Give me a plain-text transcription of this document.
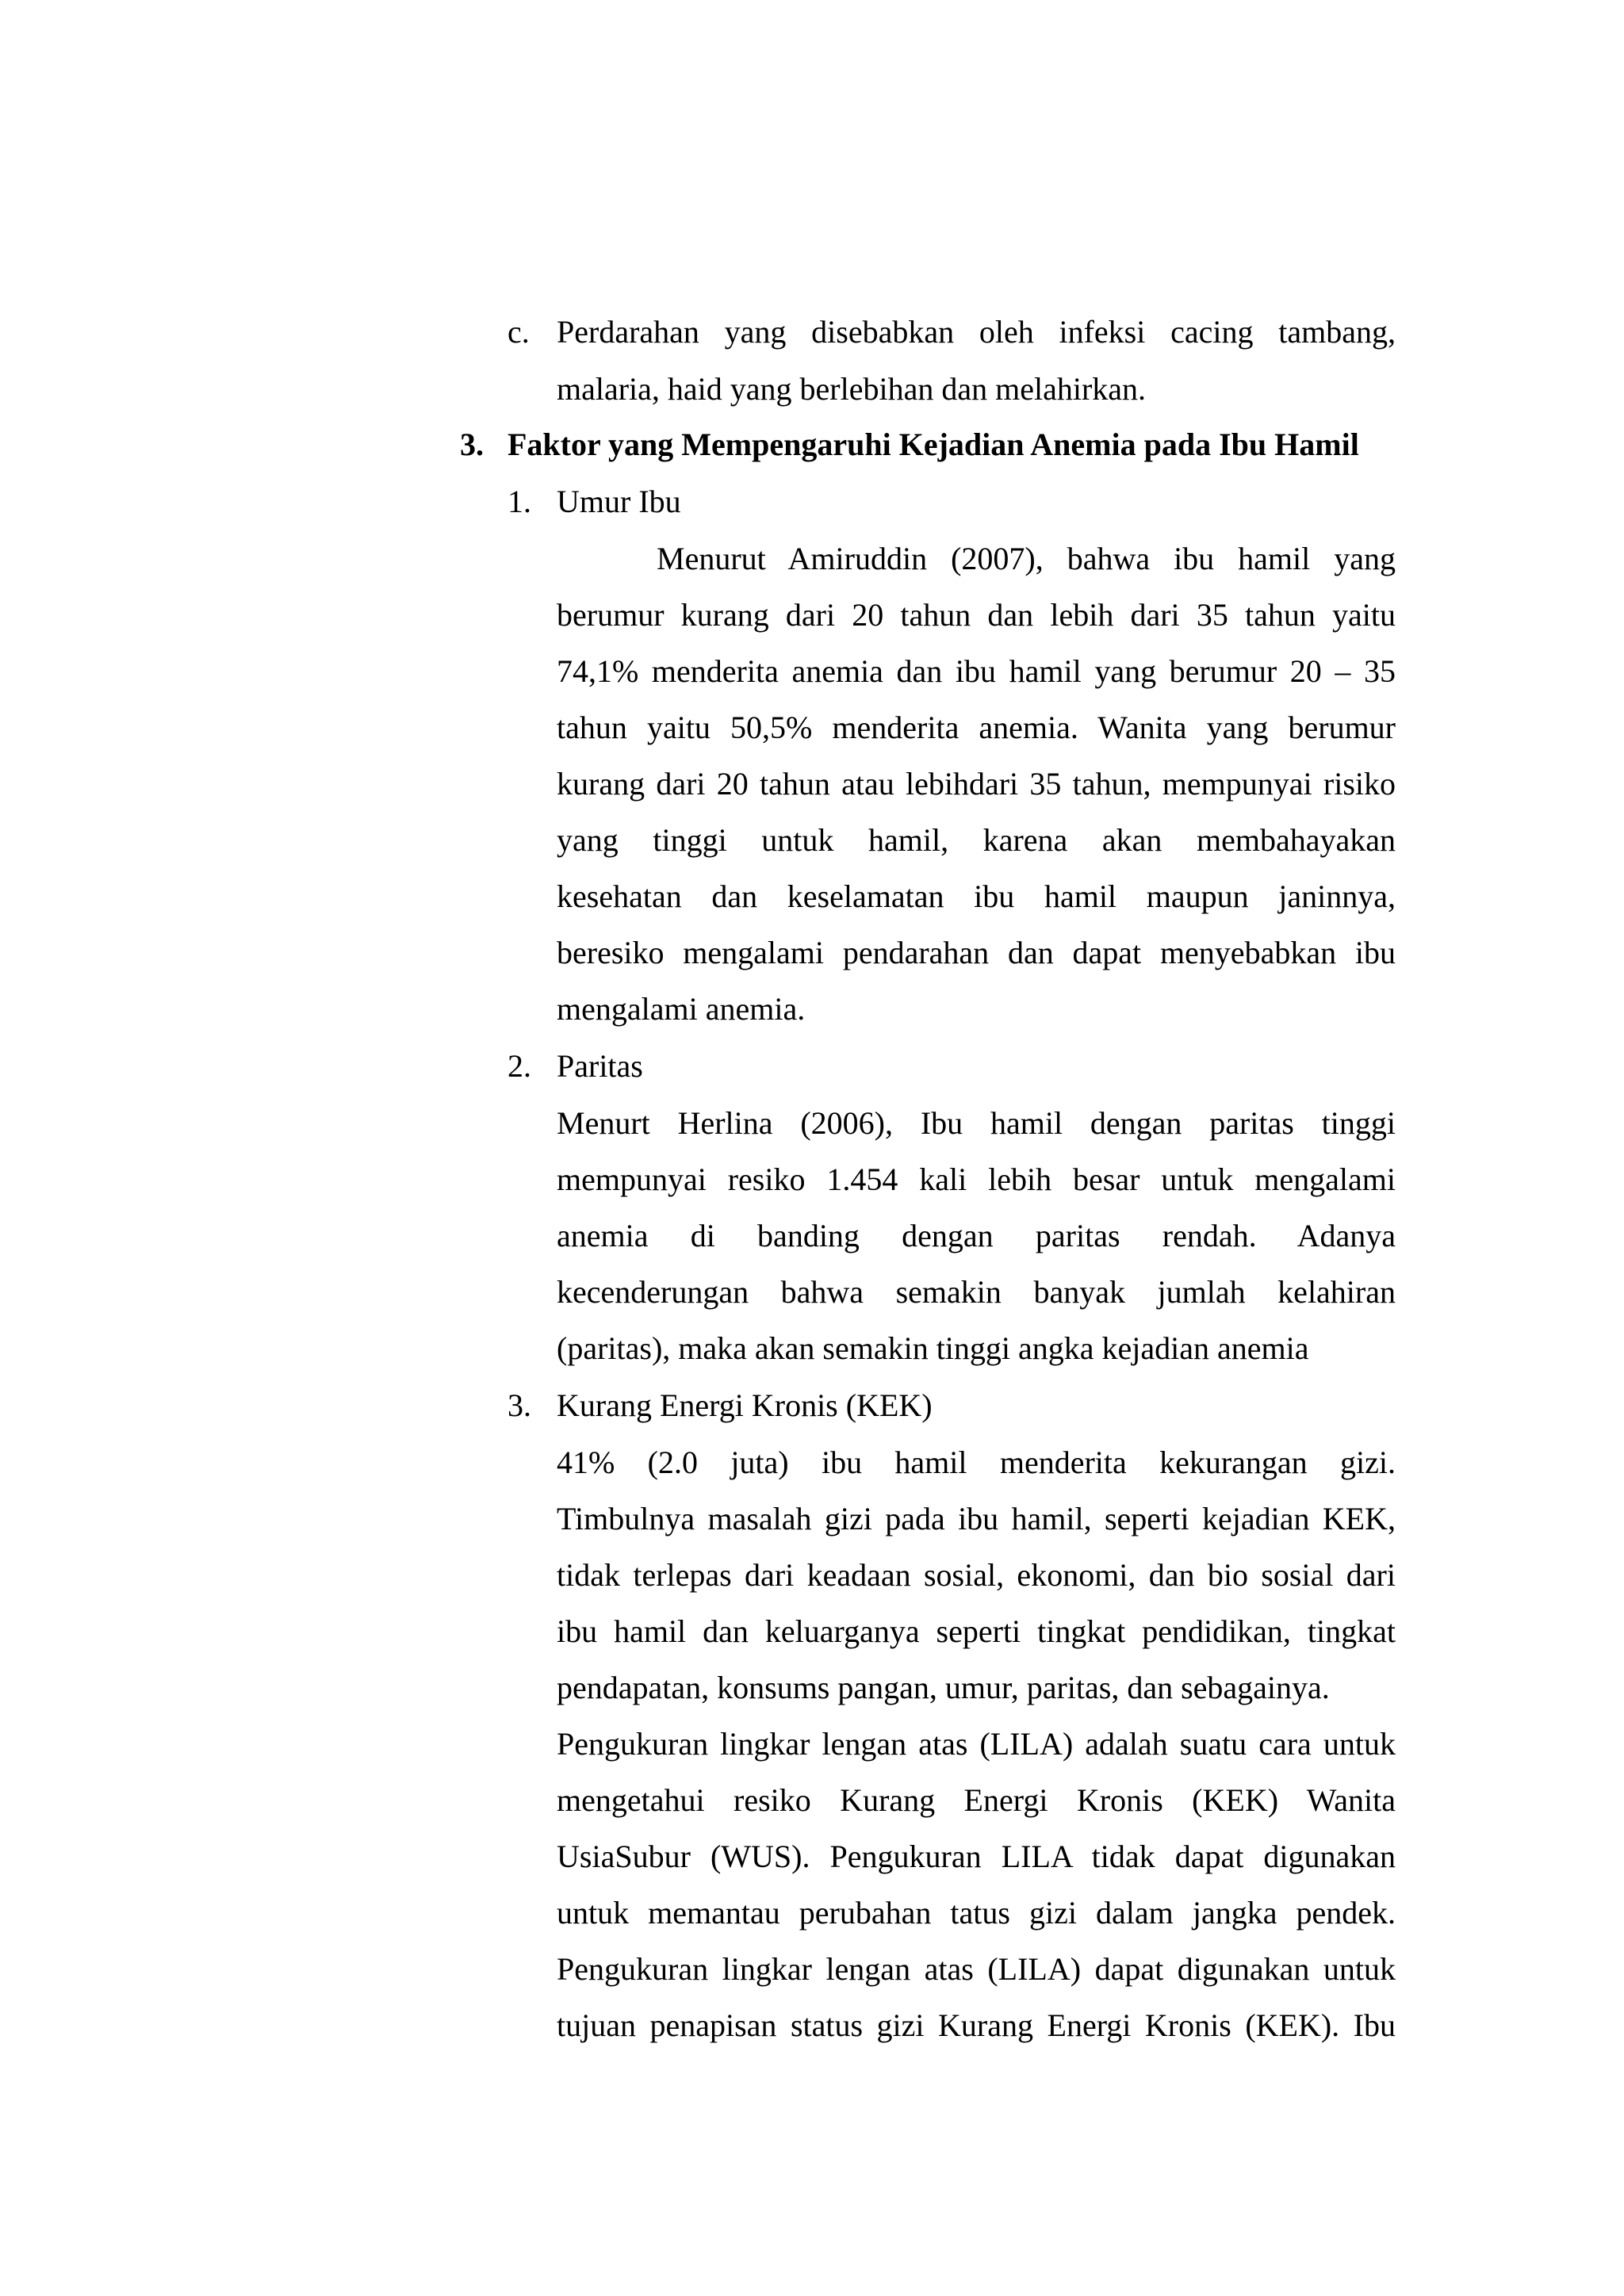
c. Perdarahan yang disebabkan oleh infeksi cacing tambang,
malaria, haid yang berlebihan dan melahirkan.
3. Faktor yang Mempengaruhi Kejadian Anemia pada Ibu Hamil
1. Umur Ibu
Menurut Amiruddin (2007), bahwa ibu hamil yang
berumur kurang dari 20 tahun dan lebih dari 35 tahun yaitu
74,1% menderita anemia dan ibu hamil yang berumur 20 – 35
tahun yaitu 50,5% menderita anemia. Wanita yang berumur
kurang dari 20 tahun atau lebihdari 35 tahun, mempunyai risiko
yang tinggi untuk hamil, karena akan membahayakan
kesehatan dan keselamatan ibu hamil maupun janinnya,
beresiko mengalami pendarahan dan dapat menyebabkan ibu
mengalami anemia.
2. Paritas
Menurt Herlina (2006), Ibu hamil dengan paritas tinggi
mempunyai resiko 1.454 kali lebih besar untuk mengalami
anemia di banding dengan paritas rendah. Adanya
kecenderungan bahwa semakin banyak jumlah kelahiran
(paritas), maka akan semakin tinggi angka kejadian anemia
3. Kurang Energi Kronis (KEK)
41% (2.0 juta) ibu hamil menderita kekurangan gizi.
Timbulnya masalah gizi pada ibu hamil, seperti kejadian KEK,
tidak terlepas dari keadaan sosial, ekonomi, dan bio sosial dari
ibu hamil dan keluarganya seperti tingkat pendidikan, tingkat
pendapatan, konsums pangan, umur, paritas, dan sebagainya.
Pengukuran lingkar lengan atas (LILA) adalah suatu cara untuk
mengetahui resiko Kurang Energi Kronis (KEK) Wanita
UsiaSubur (WUS). Pengukuran LILA tidak dapat digunakan
untuk memantau perubahan tatus gizi dalam jangka pendek.
Pengukuran lingkar lengan atas (LILA) dapat digunakan untuk
tujuan penapisan status gizi Kurang Energi Kronis (KEK). Ibu
